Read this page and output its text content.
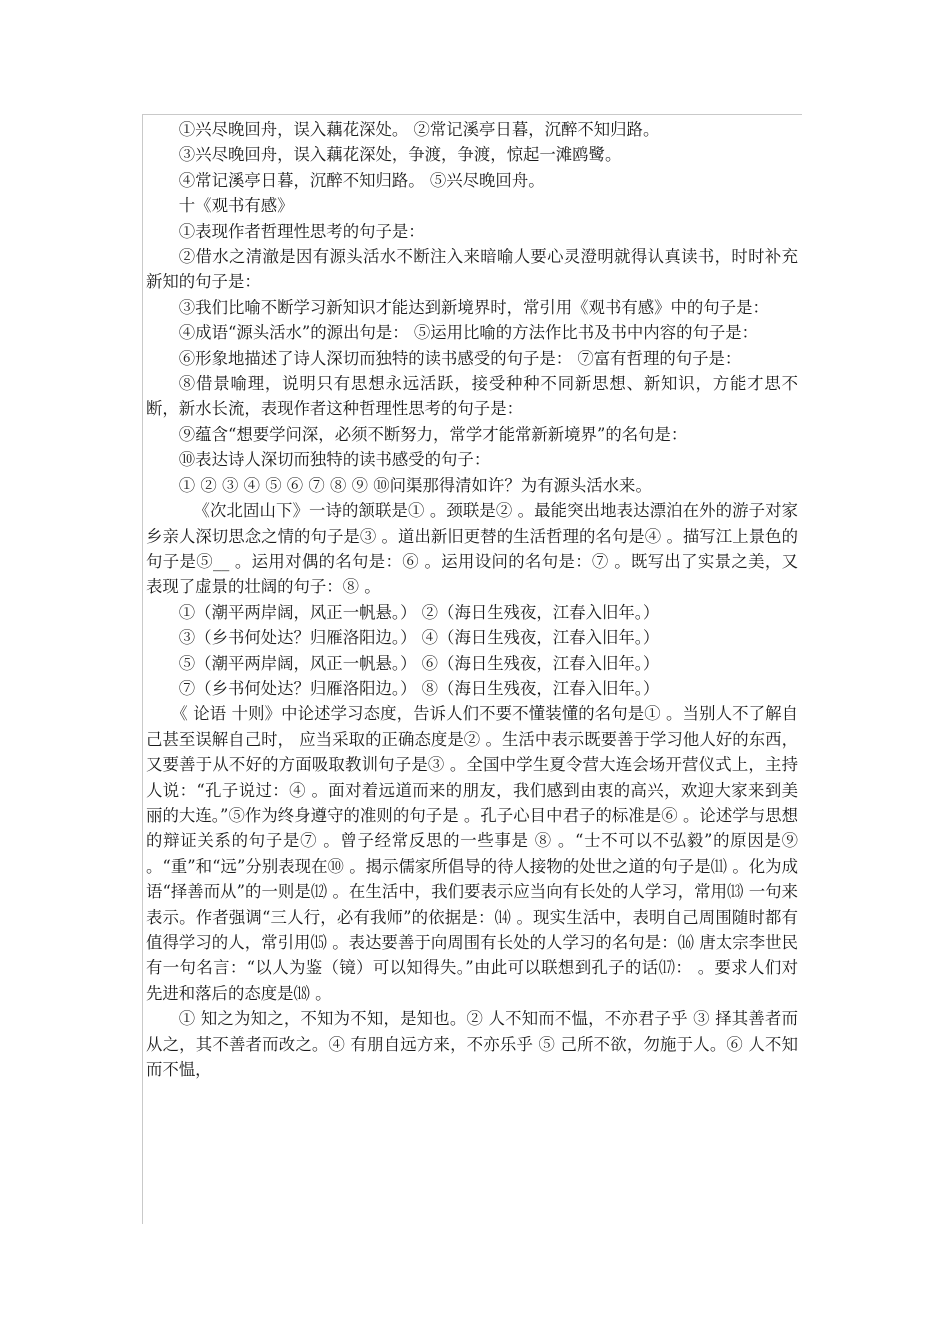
①兴尽晚回舟，误入藕花深处。 ②常记溪亭日暮，沉醉不知归路。

③兴尽晚回舟，误入藕花深处，争渡，争渡，惊起一滩鸥鹭。

④常记溪亭日暮，沉醉不知归路。 ⑤兴尽晚回舟。

十《观书有感》

①表现作者哲理性思考的句子是：

②借水之清澈是因有源头活水不断注入来暗喻人要心灵澄明就得认真读书，时时补充新知的句子是：

③我们比喻不断学习新知识才能达到新境界时，常引用《观书有感》中的句子是：

④成语“源头活水”的源出句是： ⑤运用比喻的方法作比书及书中内容的句子是：

⑥形象地描述了诗人深切而独特的读书感受的句子是： ⑦富有哲理的句子是：

⑧借景喻理，说明只有思想永远活跃，接受种种不同新思想、新知识，方能才思不断，新水长流，表现作者这种哲理性思考的句子是：

⑨蕴含“想要学问深，必须不断努力，常学才能常新新境界”的名句是：

⑩表达诗人深切而独特的读书感受的句子：

① ② ③ ④ ⑤ ⑥ ⑦ ⑧ ⑨ ⑩问渠那得清如许？为有源头活水来。

《次北固山下》一诗的颔联是① 。颈联是② 。最能突出地表达漂泊在外的游子对家乡亲人深切思念之情的句子是③ 。道出新旧更替的生活哲理的名句是④ 。描写江上景色的句子是⑤__ 。运用对偶的名句是：⑥ 。运用设问的名句是：⑦ 。既写出了实景之美，又表现了虚景的壮阔的句子：⑧ 。

①（潮平两岸阔，风正一帆悬。） ②（海日生残夜，江春入旧年。）

③（乡书何处达？归雁洛阳边。） ④（海日生残夜，江春入旧年。）

⑤（潮平两岸阔，风正一帆悬。） ⑥（海日生残夜，江春入旧年。）

⑦（乡书何处达？归雁洛阳边。） ⑧（海日生残夜，江春入旧年。）

《 论语 十则》中论述学习态度，告诉人们不要不懂装懂的名句是① 。当别人不了解自己甚至误解自己时， 应当采取的正确态度是② 。生活中表示既要善于学习他人好的东西，又要善于从不好的方面吸取教训句子是③ 。全国中学生夏令营大连会场开营仪式上，主持人说：“孔子说过：④ 。面对着远道而来的朋友，我们感到由衷的高兴，欢迎大家来到美丽的大连。”⑤作为终身遵守的准则的句子是 。孔子心目中君子的标准是⑥ 。论述学与思想的辩证关系的句子是⑦ 。曾子经常反思的一些事是 ⑧ 。“士不可以不弘毅”的原因是⑨ 。“重”和“远”分别表现在⑩ 。揭示儒家所倡导的待人接物的处世之道的句子是⑾ 。化为成语“择善而从”的一则是⑿ 。在生活中，我们要表示应当向有长处的人学习，常用⒀ 一句来表示。作者强调“三人行，必有我师”的依据是：⒁ 。现实生活中，表明自己周围随时都有值得学习的人，常引用⒂ 。表达要善于向周围有长处的人学习的名句是：⒃ 唐太宗李世民有一句名言：“以人为鉴（镜）可以知得失。”由此可以联想到孔子的话⒄： 。要求人们对先进和落后的态度是⒅ 。

① 知之为知之，不知为不知，是知也。② 人不知而不愠，不亦君子乎 ③ 择其善者而从之，其不善者而改之。④ 有朋自远方来，不亦乐乎 ⑤ 己所不欲，勿施于人。⑥ 人不知而不愠，
